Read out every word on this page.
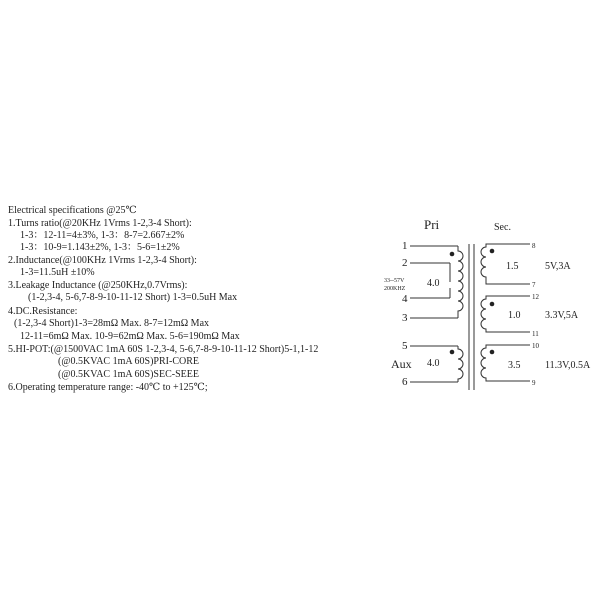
Electrical specifications @25℃
1.Turns ratio(@20KHz 1Vrms 1-2,3-4 Short):
1-3：12-11=4±3%, 1-3：8-7=2.667±2%
1-3：10-9=1.143±2%, 1-3：5-6=1±2%
2.Inductance(@100KHz 1Vrms 1-2,3-4 Short):
1-3=11.5uH ±10%
3.Leakage Inductance (@250KHz,0.7Vrms):
(1-2,3-4, 5-6,7-8-9-10-11-12 Short) 1-3=0.5uH Max
4.DC.Resistance:
(1-2,3-4 Short)1-3=28mΩ Max. 8-7=12mΩ Max
12-11=6mΩ Max. 10-9=62mΩ Max. 5-6=190mΩ Max
5.HI-POT:(@1500VAC 1mA 60S 1-2,3-4, 5-6,7-8-9-10-11-12 Short)5-1,1-12
(@0.5KVAC 1mA 60S)PRI-CORE
(@0.5KVAC 1mA 60S)SEC-SEEE
6.Operating temperature range: -40℃ to +125℃;
Pri	Sec.
1
2
4
3
4.0
33--57V
200KHZ
5
Aux 4.0
6
8
7
1.5	5V,3A
12
11
1.0 3.3V,5A
10
9
3.5 11.3V,0.5A
